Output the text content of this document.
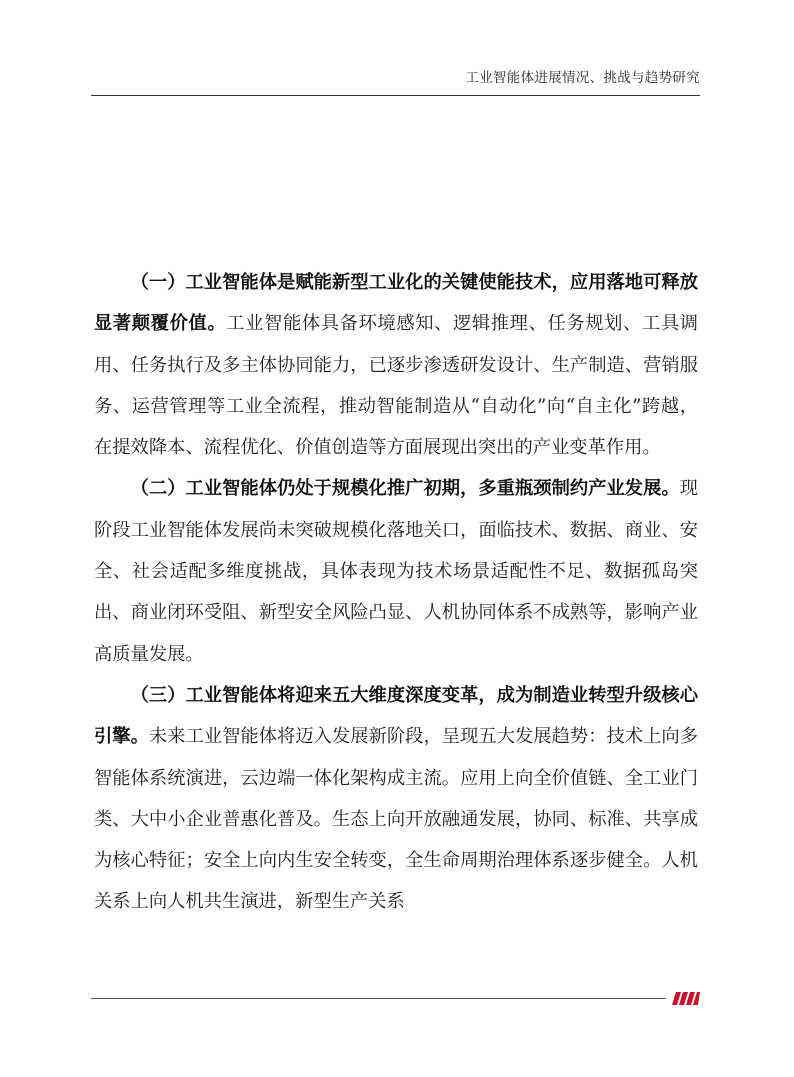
工业智能体进展情况、挑战与趋势研究

（一）工业智能体是赋能新型工业化的关键使能技术，应用落地可释放显著颠覆价值。工业智能体具备环境感知、逻辑推理、任务规划、工具调用、任务执行及多主体协同能力，已逐步渗透研发设计、生产制造、营销服务、运营管理等工业全流程，推动智能制造从“自动化”向“自主化”跨越，在提效降本、流程优化、价值创造等方面展现出突出的产业变革作用。

（二）工业智能体仍处于规模化推广初期，多重瓶颈制约产业发展。现阶段工业智能体发展尚未突破规模化落地关口，面临技术、数据、商业、安全、社会适配多维度挑战，具体表现为技术场景适配性不足、数据孤岛突出、商业闭环受阻、新型安全风险凸显、人机协同体系不成熟等，影响产业高质量发展。

（三）工业智能体将迎来五大维度深度变革，成为制造业转型升级核心引擎。未来工业智能体将迈入发展新阶段，呈现五大发展趋势：技术上向多智能体系统演进，云边端一体化架构成主流。应用上向全价值链、全工业门类、大中小企业普惠化普及。生态上向开放融通发展，协同、标准、共享成为核心特征；安全上向内生安全转变，全生命周期治理体系逐步健全。人机关系上向人机共生演进，新型生产关系
